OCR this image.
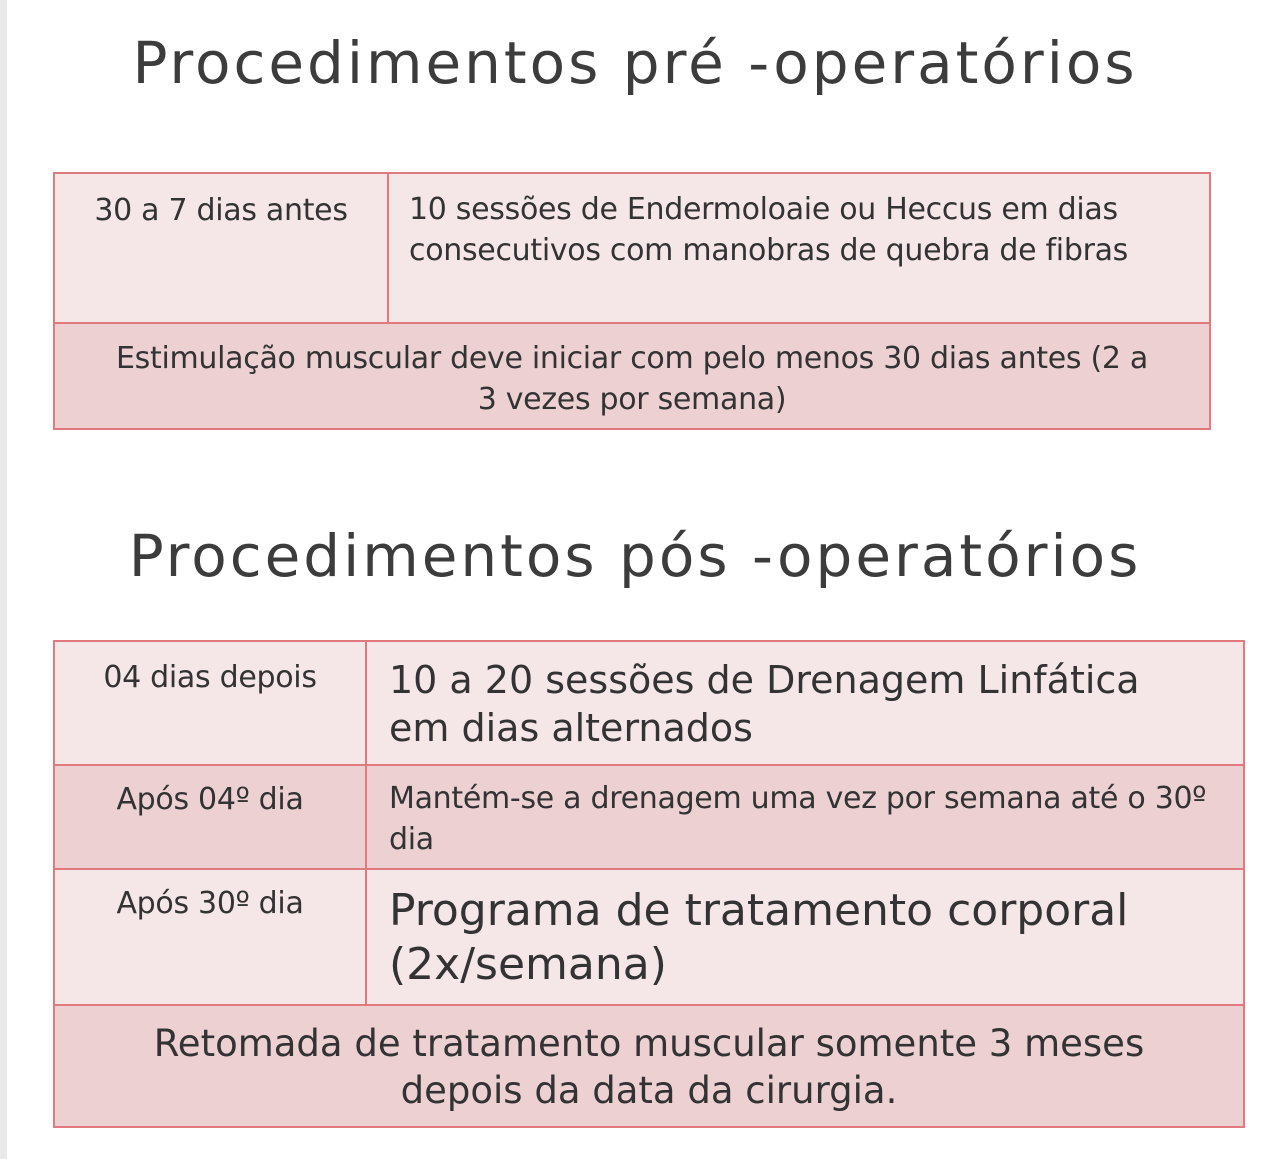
Procedimentos pré -operatórios
30 a 7 dias antes	10 sessões de Endermoloaie ou Heccus em dias consecutivos com manobras de quebra de fibras
Estimulação muscular deve iniciar com pelo menos 30 dias antes (2 a 3 vezes por semana)
Procedimentos pós -operatórios
04 dias depois	10 a 20 sessões de Drenagem Linfática em dias alternados
Após 04º dia	Mantém-se a drenagem uma vez por semana até o 30º dia
Após 30º dia	Programa de tratamento corporal (2x/semana)
Retomada de tratamento muscular somente 3 meses depois da data da cirurgia.	
